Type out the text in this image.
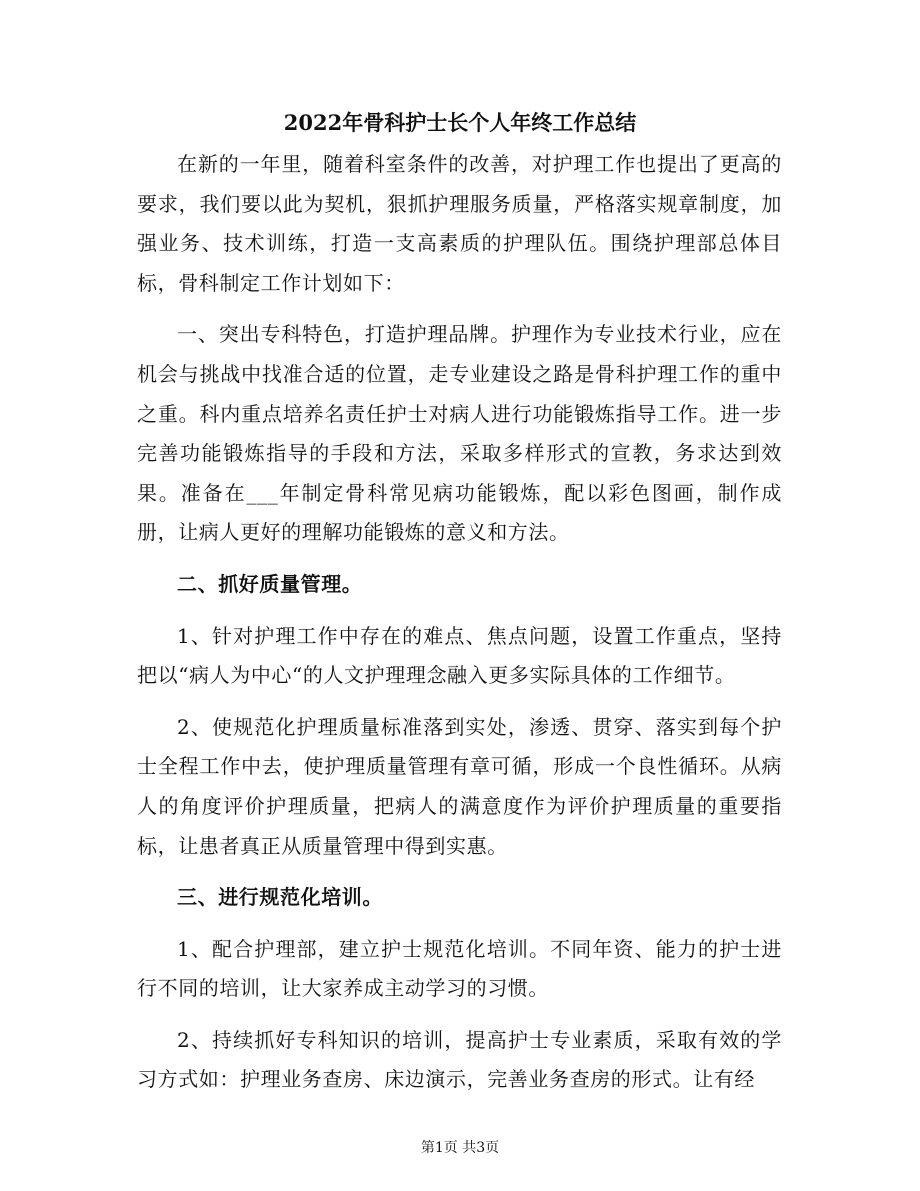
2022年骨科护士长个人年终工作总结

在新的一年里，随着科室条件的改善，对护理工作也提出了更高的要求，我们要以此为契机，狠抓护理服务质量，严格落实规章制度，加强业务、技术训练，打造一支高素质的护理队伍。围绕护理部总体目标，骨科制定工作计划如下：

一、突出专科特色，打造护理品牌。护理作为专业技术行业，应在机会与挑战中找准合适的位置，走专业建设之路是骨科护理工作的重中之重。科内重点培养名责任护士对病人进行功能锻炼指导工作。进一步完善功能锻炼指导的手段和方法，采取多样形式的宣教，务求达到效果。准备在___年制定骨科常见病功能锻炼，配以彩色图画，制作成册，让病人更好的理解功能锻炼的意义和方法。

二、抓好质量管理。

1、针对护理工作中存在的难点、焦点问题，设置工作重点，坚持把以“病人为中心“的人文护理理念融入更多实际具体的工作细节。

2、使规范化护理质量标准落到实处，渗透、贯穿、落实到每个护士全程工作中去，使护理质量管理有章可循，形成一个良性循环。从病人的角度评价护理质量，把病人的满意度作为评价护理质量的重要指标，让患者真正从质量管理中得到实惠。

三、进行规范化培训。

1、配合护理部，建立护士规范化培训。不同年资、能力的护士进行不同的培训，让大家养成主动学习的习惯。

2、持续抓好专科知识的培训，提高护士专业素质，采取有效的学习方式如：护理业务查房、床边演示，完善业务查房的形式。让有经

第1页 共3页
